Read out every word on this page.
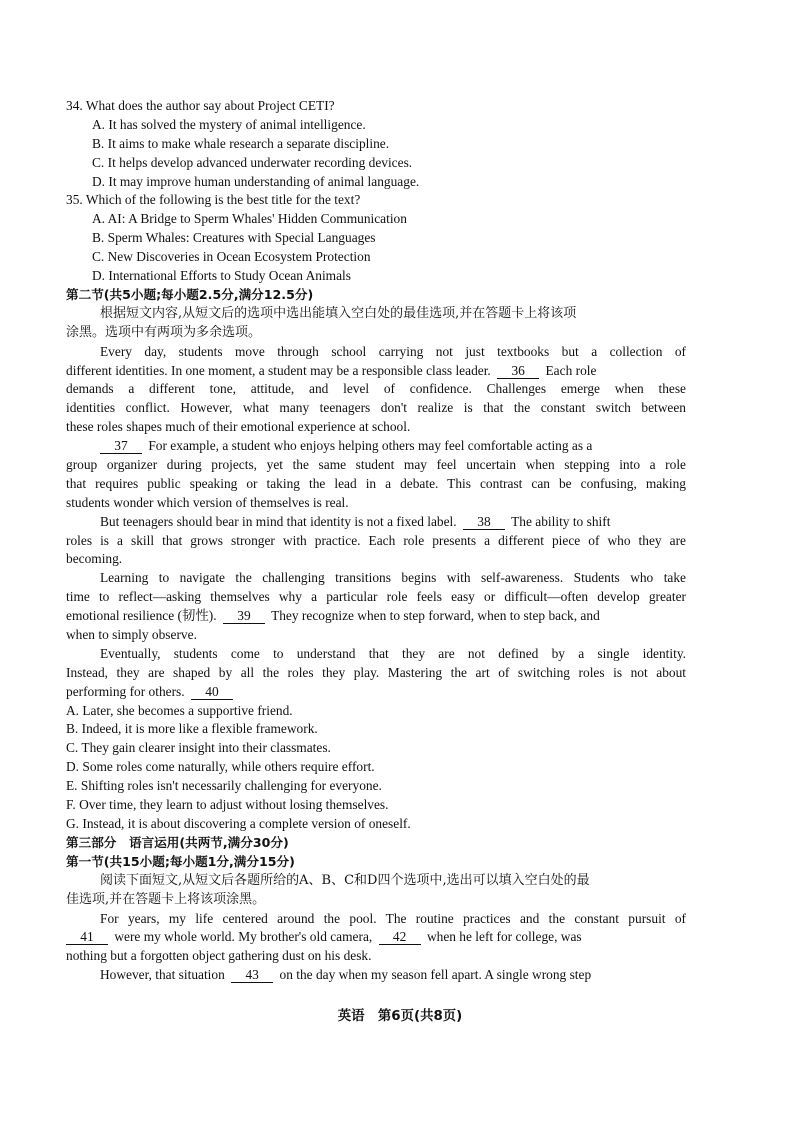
34. What does the author say about Project CETI?
A. It has solved the mystery of animal intelligence.
B. It aims to make whale research a separate discipline.
C. It helps develop advanced underwater recording devices.
D. It may improve human understanding of animal language.
35. Which of the following is the best title for the text?
A. AI: A Bridge to Sperm Whales' Hidden Communication
B. Sperm Whales: Creatures with Special Languages
C. New Discoveries in Ocean Ecosystem Protection
D. International Efforts to Study Ocean Animals
第二节(共5小题;每小题2.5分,满分12.5分)
根据短文内容,从短文后的选项中选出能填入空白处的最佳选项,并在答题卡上将该项
涂黑。选项中有两项为多余选项。
Every day, students move through school carrying not just textbooks but a collection of
different identities. In one moment, a student may be a responsible class leader. 36 Each role
demands a different tone, attitude, and level of confidence. Challenges emerge when these
identities conflict. However, what many teenagers don't realize is that the constant switch between
these roles shapes much of their emotional experience at school.
37 For example, a student who enjoys helping others may feel comfortable acting as a
group organizer during projects, yet the same student may feel uncertain when stepping into a role
that requires public speaking or taking the lead in a debate. This contrast can be confusing, making
students wonder which version of themselves is real.
But teenagers should bear in mind that identity is not a fixed label. 38 The ability to shift
roles is a skill that grows stronger with practice. Each role presents a different piece of who they are
becoming.
Learning to navigate the challenging transitions begins with self-awareness. Students who take
time to reflect—asking themselves why a particular role feels easy or difficult—often develop greater
emotional resilience (韧性). 39 They recognize when to step forward, when to step back, and
when to simply observe.
Eventually, students come to understand that they are not defined by a single identity.
Instead, they are shaped by all the roles they play. Mastering the art of switching roles is not about
performing for others. 40
A. Later, she becomes a supportive friend.
B. Indeed, it is more like a flexible framework.
C. They gain clearer insight into their classmates.
D. Some roles come naturally, while others require effort.
E. Shifting roles isn't necessarily challenging for everyone.
F. Over time, they learn to adjust without losing themselves.
G. Instead, it is about discovering a complete version of oneself.
第三部分　语言运用(共两节,满分30分)
第一节(共15小题;每小题1分,满分15分)
阅读下面短文,从短文后各题所给的A、B、C和D四个选项中,选出可以填入空白处的最
佳选项,并在答题卡上将该项涂黑。
For years, my life centered around the pool. The routine practices and the constant pursuit of
41 were my whole world. My brother's old camera, 42 when he left for college, was
nothing but a forgotten object gathering dust on his desk.
However, that situation 43 on the day when my season fell apart. A single wrong step
英语　第6页(共8页)
